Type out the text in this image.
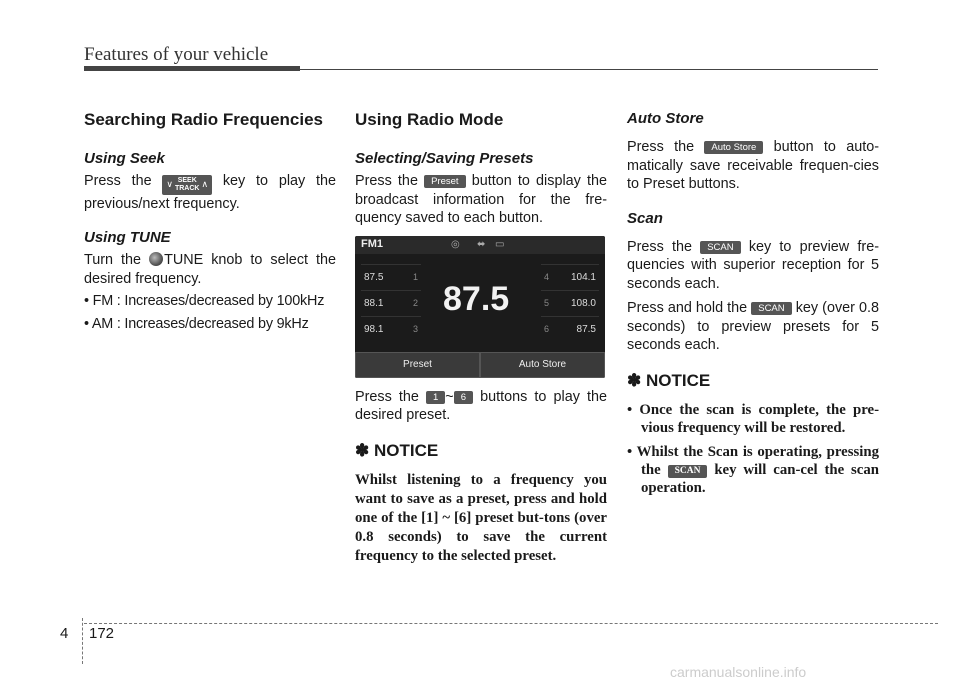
Features of your vehicle
Searching Radio Frequencies
Using Seek

Press the ∨ SEEK
TRACK ∧ key to play the previous/next frequency.

Using TUNE

Turn the TUNE knob to select the desired frequency.

• FM : Increases/decreased by 100kHz

• AM : Increases/decreased by 9kHz

Using Radio Mode
Selecting/Saving Presets

Press the Preset button to display the broadcast information for the fre-quency saved to each button.

FM1	◎ ⬌ ▭
87.5	1
88.1	2
98.1	3
87.5
4 104.1
5 108.0
6	87.5
Preset	Auto Store

Press the 1 ~ 6 buttons to play the desired preset.

✽ NOTICE

Whilst listening to a frequency you want to save as a preset, press and hold one of the [1] ~ [6] preset but-tons (over 0.8 seconds) to save the current frequency to the selected preset.

Auto Store

Press the Auto Store button to auto-matically save receivable frequen-cies to Preset buttons.

Scan

Press the SCAN key to preview fre-quencies with superior reception for 5 seconds each.

Press and hold the SCAN key (over 0.8 seconds) to preview presets for 5 seconds each.

✽ NOTICE
• Once the scan is complete, the pre-vious frequency will be restored.
• Whilst the Scan is operating, pressing the SCAN key will can-cel the scan operation.
4 172
carmanualsonline.info
